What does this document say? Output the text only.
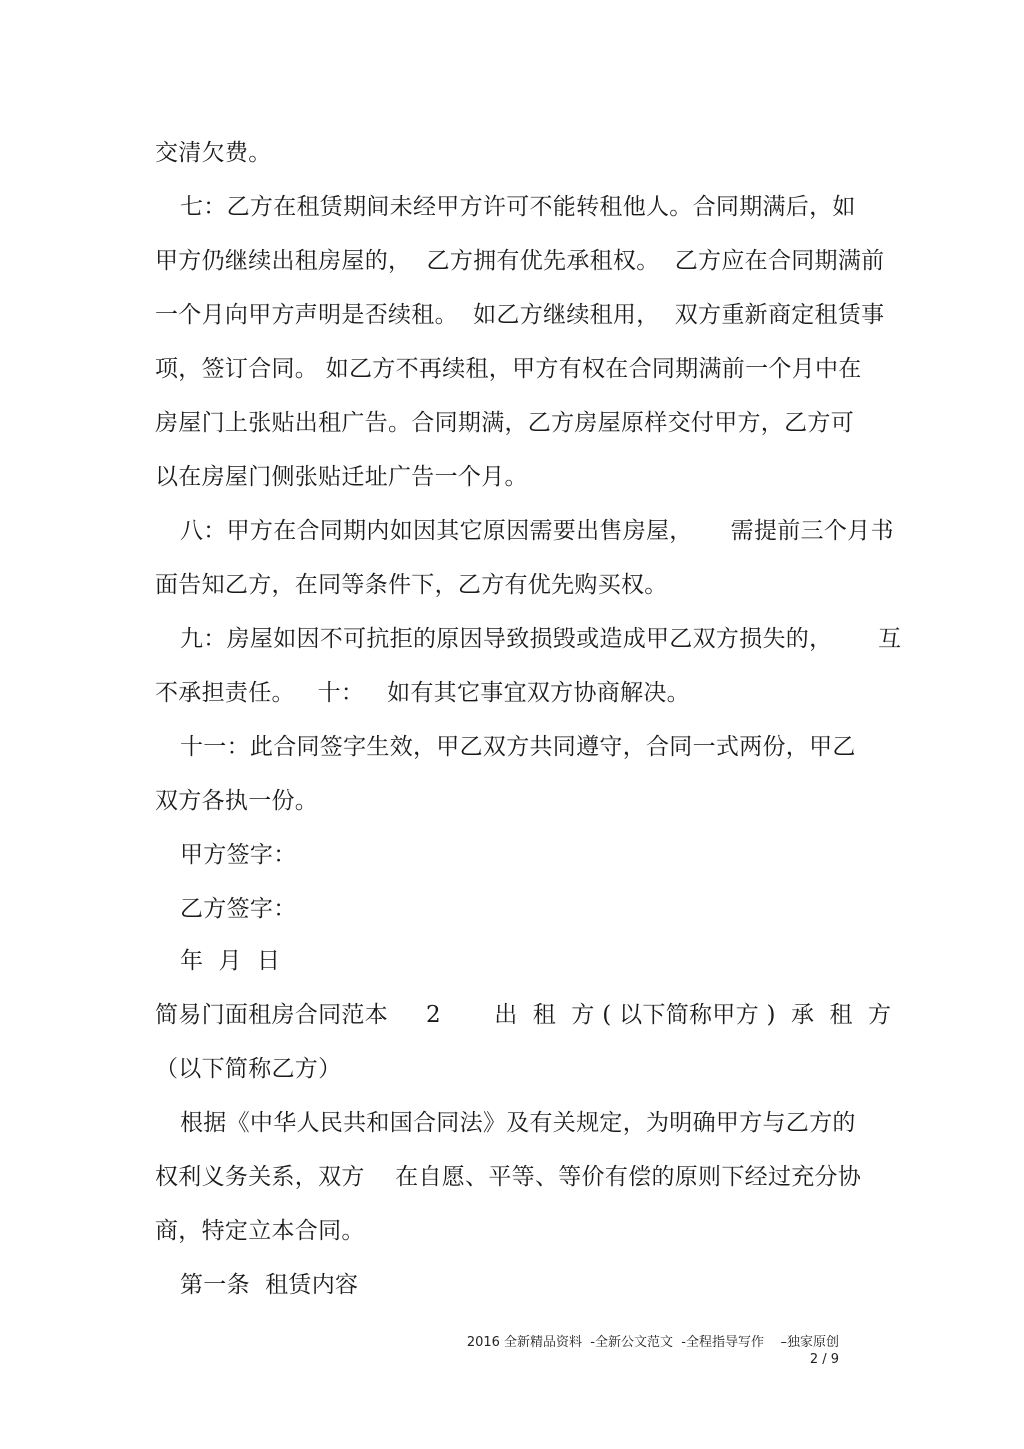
交清欠费。
七：乙方在租赁期间未经甲方许可不能转租他人。合同期满后，如
甲方仍继续出租房屋的，  乙方拥有优先承租权。  乙方应在合同期满前
一个月向甲方声明是否续租。  如乙方继续租用，  双方重新商定租赁事
项，签订合同。 如乙方不再续租，甲方有权在合同期满前一个月中在
房屋门上张贴出租广告。合同期满，乙方房屋原样交付甲方，乙方可
以在房屋门侧张贴迁址广告一个月。
八：甲方在合同期内如因其它原因需要出售房屋，     需提前三个月书
面告知乙方，在同等条件下，乙方有优先购买权。
九：房屋如因不可抗拒的原因导致损毁或造成甲乙双方损失的，      互
不承担责任。   十：   如有其它事宜双方协商解决。
十一：此合同签字生效，甲乙双方共同遵守，合同一式两份，甲乙
双方各执一份。
甲方签字：
乙方签字：
年  月  日
简易门面租房合同范本     2       出  租  方 ( 以下简称甲方 )  承  租  方
（以下简称乙方）
根据《中华人民共和国合同法》及有关规定，为明确甲方与乙方的
权利义务关系，双方    在自愿、平等、等价有偿的原则下经过充分协
商，特定立本合同。
第一条  租赁内容
2016 全新精品资料  -全新公文范文  -全程指导写作    –独家原创
2 / 9
